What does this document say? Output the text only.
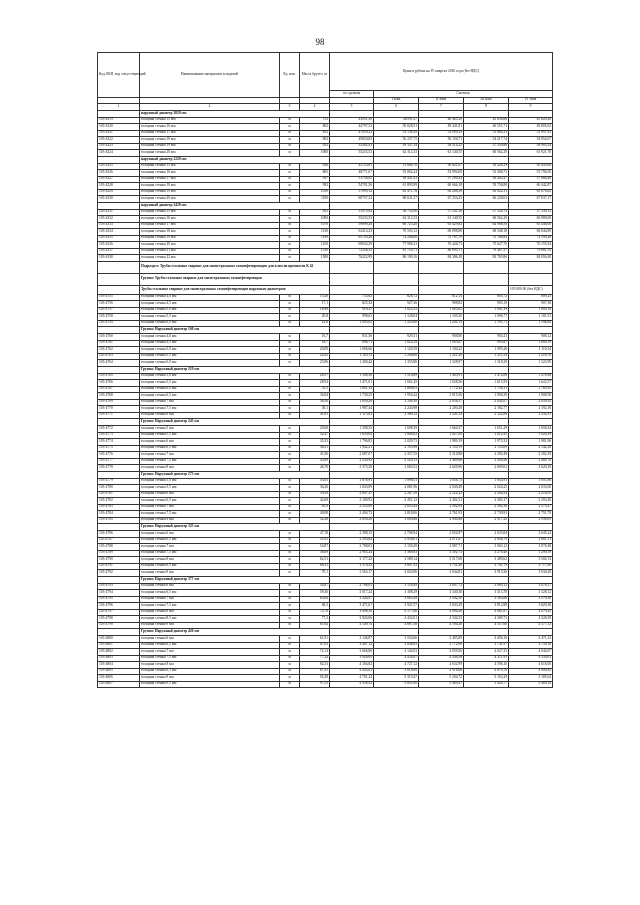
98
Код ОКП, код сопутствующий	Наименование материалов и изделий	Ед. изм.	Масса брутто, кг	Цены в рублях на IV квартал 2016 года (без НДС)				
				по сделкам	Сметная			
					I зона	II зона	III зона	IV зона
1	2	3	4	5	6	7	8	9
	наружный диаметр 2020 мм							
103-4319	толщина стенки 15 мм	м	753	43931,38	46591,27	46 465,20	45 638,66	45 820,20
103-4320	толщина стенки 16 мм	м	802	44797,53	50 028,51	49 441,81	46 551,71	49 805,63
103-4321	толщина стенки 17 мм	м	852	47059,23	53 138,39	53 099,25	51 684,25	51 997,81
103-4322	толщина стенки 18 мм	м	902	49820,82	56 237,75	56 156,71	54 217,74	54 954,67
103-4323	толщина стенки 19 мм	м	952	52582,41	59 337,34	58 214,22	57 350,86	58 903,54
103-4324	толщина стенки 20 мм	м	1000	55233,53	62 312,33	61 140,55	60 562,29	61 921,70
	наружный диаметр 2220 мм							
103-4325	толщина стенки 15 мм	м	826	45723,61	51 666,70	50 621,67	50 228,29	50 445,64
103-4326	толщина стенки 16 мм	м	883	48771,67	55 062,24	53 994,00	53 368,73	53 796,50
103-4327	толщина стенки 17 мм	м	937	51756,82	58 441,41	57 290,34	56 443,47	57 066,40
103-4328	толщина стенки 18 мм	м	992	54791,56	61 893,99	60 666,18	59 736,89	60 442,87
103-4329	толщина стенки 19 мм	м	1050	57995,12	65 471,76	64 268,50	63 022,31	63 870,02
103-4330	толщина стенки 20 мм	м	1100	60757,22	68 631,37	67 254,23	66 228,63	67 037,17
	наружный диаметр 2420 мм							
103-4331	толщина стенки 15 мм	м	941	51975,94	58 733,90	57 541,56	57 126,74	57 339,12
103-4332	толщина стенки 16 мм	м	1000	55233,53	62 312,33	61 140,55	60 562,29	60 989,69
103-4333	толщина стенки 17 мм	м	1070	59099,20	66 725,20	65 429,82	64 908,58	65 446,00
103-4334	толщина стенки 18 мм	м	1130	62414,23	70 503,12	69 098,80	68 348,18	68 844,89
103-4335	толщина стенки 19 мм	м	1190	65729,26	74 246,60	72 767,79	72 188,84	72 590,28
103-4336	толщина стенки 20 мм	м	1250	69043,29	77 996,31	76 426,73	75 627,70	76 155,94
103-4337	толщина стенки 21 мм	м	1310	72356,32	81 733,71	80 095,71	79 467,57	79 881,55
103-4338	толщина стенки 22 мм	м	1380	76222,99	86 190,16	84 386,18	83 765,86	84 056,40
	Подраздел: Трубы стальные сварные для магистральных газонефтепроводов для классов прочности К 42							
	Группа: Трубы стальные сварные для магистральных газонефтепроводов							
	Трубы стальные сварные для магистральных газонефтепроводов наружным диаметром:							105 000 00 (без НДС)
103-4755	толщина стенки 4,0 мм	м	15,20	733,62	828,72	812,14	805,72	809,23
103-4756	толщина стенки 4,5 мм	м	17,1	825,32	927,36	908,82	903,19	907,38
103-4757	толщина стенки 5,0 мм	м	18,98	916,27	1 025,35	1 005,02	1 001,39	1 005,14
103-4758	толщина стенки 5,5 мм	м	20,8	998,63	1 128,04	1 105,50	1 096,77	1 101,51
103-4759	толщина стенки 6,0 мм	м	22,6	1 085,02	1 225,60	1 201,13	1 191,71	1 196,84
	Группа: Наружный диаметр 168 мм							
103-4760	толщина стенки 4,0 мм	м	16,7	831,56	929,31	908,80	903,41	908,12
103-4761	толщина стенки 4,5 мм	м	18,7	896,71	1 024,29	1 003,87	995,87	1 000,19
103-4762	толщина стенки 5,0 мм	м	20,09	1 006,66	1 120,39	1 104,22	1 095,26	1 110,14
103-4763	толщина стенки 5,5 мм	м	22,02	1 103,13	1 246,66	1 221,20	1 211,54	1 216,76
103-4764	толщина стенки 6,0 мм	м	23,96	1 200,42	1 355,86	1 328,97	1 318,29	1 323,99
	Группа: Наружный диаметр 219 мм							
103-4765	толщина стенки 5,0 мм	м	26,57	1 349,36	1 514,69	1 483,91	1 472,08	1 478,48
103-4766	толщина стенки 5,5 мм	м	28,94	1 471,01	1 661,45	1 628,56	1 615,59	1 622,57
103-4767	толщина стенки 6,0 мм	м	31,5	1 601,14	1 808,63	1 772,44	1 758,31	1 765,95
103-4768	толщина стенки 6,5 мм	м	34,04	1 730,25	1 954,42	1 915,56	1 900,29	1 908,50
103-4769	толщина стенки 7 мм	м	36,56	1 859,28	2 100,38	2 058,37	2 042,07	2 050,92
103-4770	толщина стенки 7,5 мм	м	39,1	1 987,44	2 244,98	2 200,28	2 182,77	2 192,18
103-4771	толщина стенки 8 мм	м	41,61	2 115,02	2 389,12	2 341,54	2 322,89	2 332,91
	Группа: Наружный диаметр 245 мм							
103-4772	толщина стенки 5 мм	м	29,68	1 508,35	1 698,39	1 664,57	1 651,29	1 658,44
103-4773	толщина стенки 5,5 мм	м	32,47	1 650,04	1 864,02	1 827,00	1 812,45	1 820,29
103-4774	толщина стенки 6 мм	м	35,35	1 796,83	2 029,73	1 989,19	1 973,33	1 981,96
103-4775	толщина стенки 6,5 мм	м	38,21	1 942,21	2 193,98	2 150,19	2 133,09	2 142,28
103-4776	толщина стенки 7 мм	м	41,06	2 087,07	2 357,55	2 310,88	2 292,49	2 302,39
103-4777	толщина стенки 7,5 мм	м	43,89	2 230,92	2 520,13	2 469,86	2 450,20	2 460,78
103-4778	толщина стенки 8 мм	м	46,78	2 375,28	2 683,52	2 629,96	2 609,02	2 620,29
	Группа: Наружный диаметр 273 мм							
103-4779	толщина стенки 5,0 мм	м	33,03	1 678,91	1 896,51	1 858,73	1 843,91	1 851,86
103-4780	толщина стенки 5,5 мм	м	36,26	1 843,09	2 081,96	2 040,49	2 024,23	2 033,00
103-4781	толщина стенки 6 мм	м	39,49	2 007,27	2 267,39	2 222,22	2 204,54	2 214,05
103-4782	толщина стенки 6,5 мм	м	42,69	2 169,92	2 451,12	2 402,31	2 383,17	2 393,49
103-4783	толщина стенки 7 мм	м	45,9	2 333,09	2 635,44	2 582,94	2 562,38	2 573,47
103-4784	толщина стенки 7,5 мм	м	49,08	2 494,73	2 818,06	2 761,93	2 739,93	2 751,79
103-4785	толщина стенки 8 мм	м	52,28	2 656,26	3 000,66	2 940,86	2 917,43	2 930,05
	Группа: Наружный диаметр 325 мм							
103-4786	толщина стенки 6 мм	м	47,18	2 398,15	2 708,94	2 654,97	2 633,84	2 645,24
103-4787	толщина стенки 6,5 мм	м	51,03	2 593,84	2 930,01	2 871,67	2 848,79	2 861,11
103-4788	толщина стенки 7 мм	м	54,87	2 788,03	3 150,49	3 087,71	3 063,12	3 076,38
103-4789	толщина стенки 7,5 мм	м	58,69	2 983,24	3 369,83	3 302,73	3 276,40	3 290,59
103-4790	толщина стенки 8 мм	м	62,51	3 177,22	3 589,14	3 517,68	3 489,62	3 504,74
103-4791	толщина стенки 8,5 мм	м	66,31	3 370,52	3 807,33	3 731,49	3 701,79	3 717,80
103-4792	толщина стенки 9 мм	м	70,1	3 563,17	4 024,96	3 944,81	3 913,36	3 930,29
	Группа: Наружный диаметр 377 мм							
103-4793	толщина стенки 6 мм	м	54,87	2 788,03	3 150,49	3 087,72	3 063,12	3 076,37
103-4794	толщина стенки 6,5 мм	м	59,36	3 017,24	3 408,29	3 340,38	3 313,78	3 328,12
103-4795	толщина стенки 7 мм	м	63,84	3 244,97	3 665,49	3 592,50	3 563,88	3 579,30
103-4796	толщина стенки 7,5 мм	м	68,3	3 471,67	3 921,57	3 843,49	3 812,88	3 829,38
103-4797	толщина стенки 8 мм	м	72,76	3 698,38	4 177,66	4 094,48	4 061,87	4 079,45
103-4798	толщина стенки 8,5 мм	м	77,2	3 924,06	4 432,61	4 344,33	4 309,73	4 328,39
103-4799	толщина стенки 9 мм	м	81,64	4 149,74	4 687,56	4 594,20	4 557,60	4 577,33
	Группа: Наружный диаметр 426 мм							
103-4800	толщина стенки 6 мм	м	61,91	3 146,87	3 554,66	3 483,89	3 456,16	3 471,12
103-4801	толщина стенки 6,5 мм	м	67,03	3 407,12	3 848,63	3 772,00	3 741,97	3 758,16
103-4802	толщина стенки 7 мм	м	72,14	3 666,86	4 142,03	4 059,56	4 027,23	4 044,67
103-4803	толщина стенки 7,5 мм	м	77,24	3 926,09	4 434,87	4 346,56	4 311,95	4 330,61
103-4804	толщина стенки 8 мм	м	82,33	4 184,82	4 727,12	4 632,99	4 596,10	4 616,00
103-4805	толщина стенки 8,5 мм	м	87,41	4 443,03	5 018,80	4 918,86	4 879,70	4 900,82
103-4806	толщина стенки 9 мм	м	92,49	4 701,24	5 310,47	5 204,72	5 163,29	5 185,64
103-4807	толщина стенки 9,5 мм	м	97,55	4 958,43	5 601,00	5 489,47	5 445,77	5 469,34
